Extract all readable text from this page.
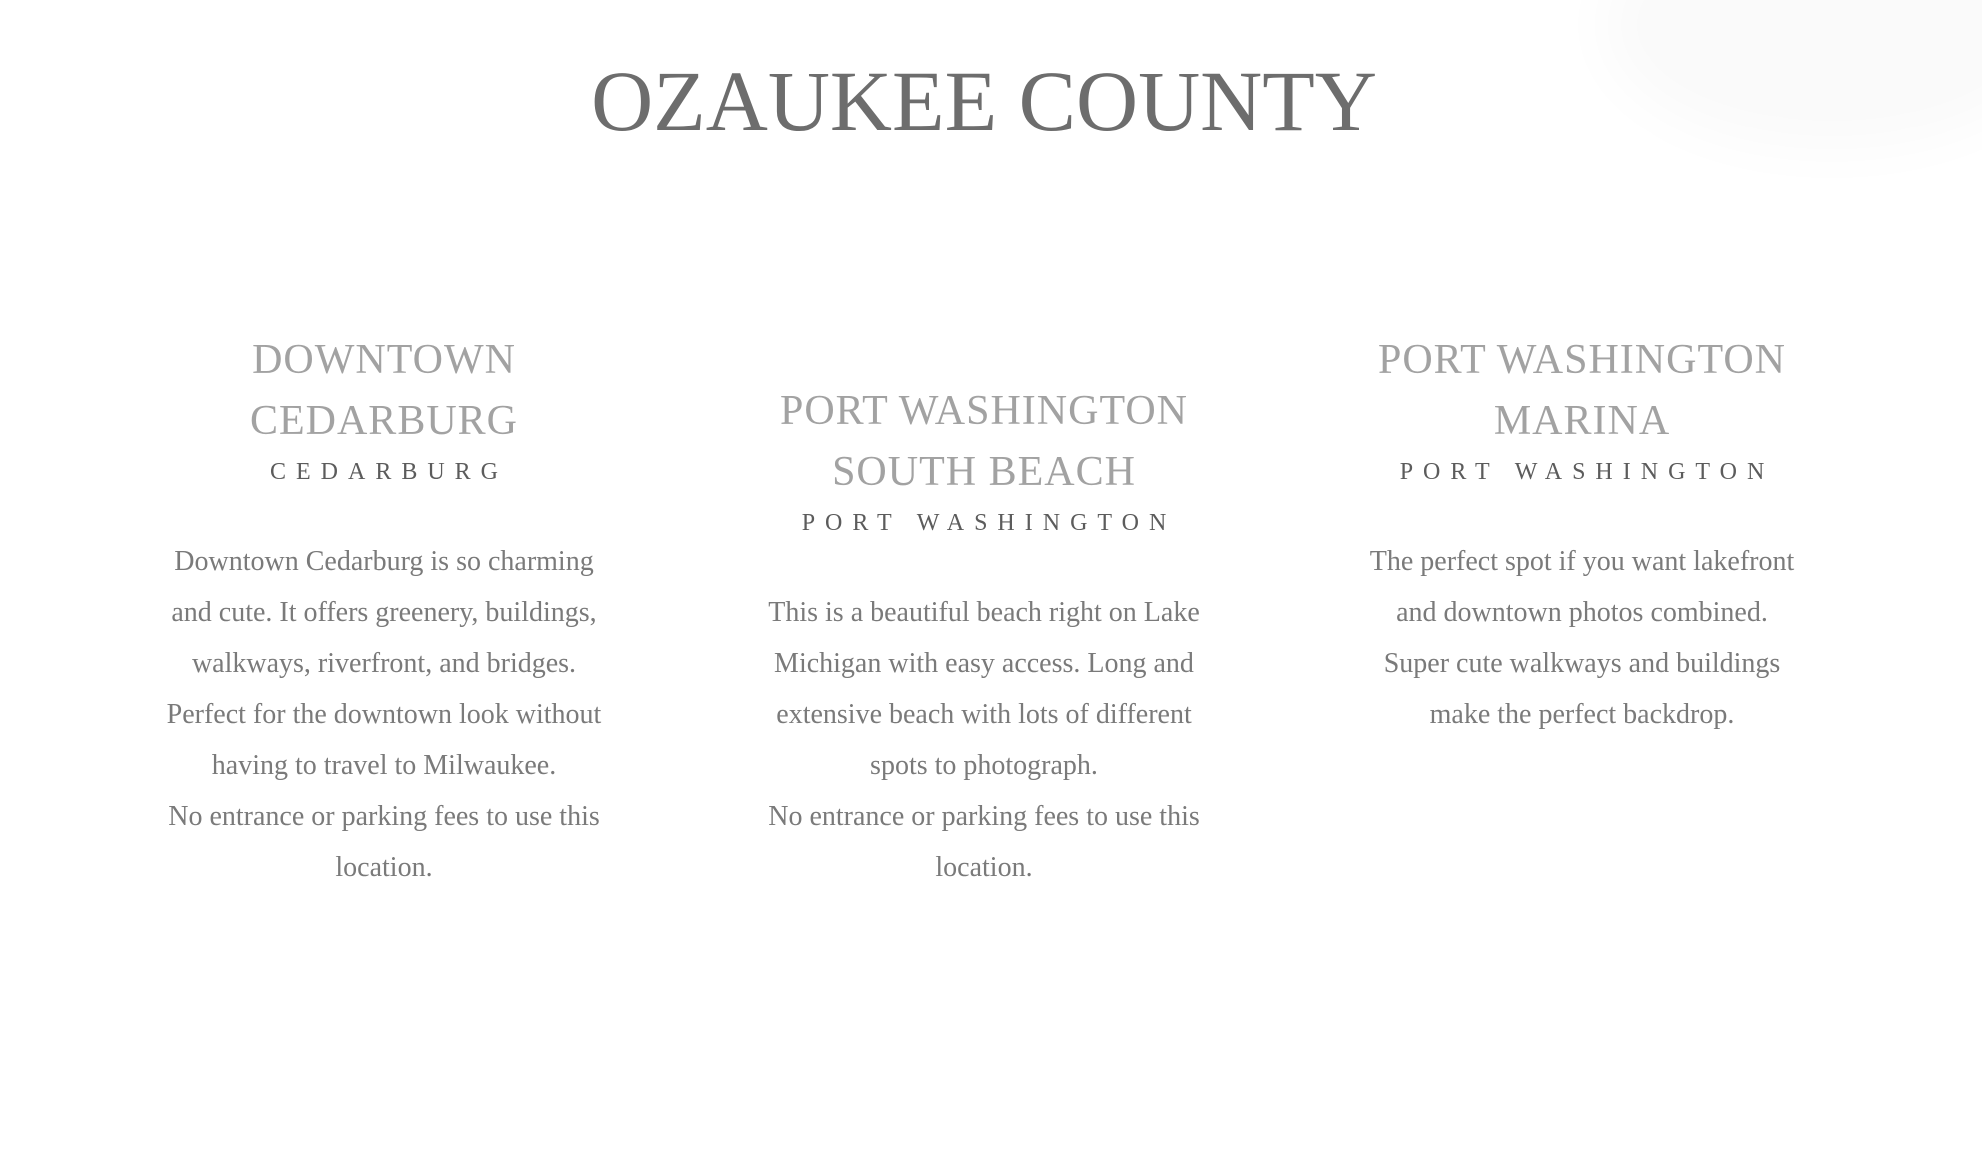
OZAUKEE COUNTY
DOWNTOWN
CEDARBURG
CEDARBURG

Downtown Cedarburg is so charming and cute. It offers greenery, buildings, walkways, riverfront, and bridges.

Perfect for the downtown look without having to travel to Milwaukee.

No entrance or parking fees to use this location.

PORT WASHINGTON
SOUTH BEACH
PORT WASHINGTON

This is a beautiful beach right on Lake Michigan with easy access. Long and extensive beach with lots of different spots to photograph.

No entrance or parking fees to use this location.

PORT WASHINGTON
MARINA
PORT WASHINGTON

The perfect spot if you want lakefront and downtown photos combined. Super cute walkways and buildings make the perfect backdrop.
